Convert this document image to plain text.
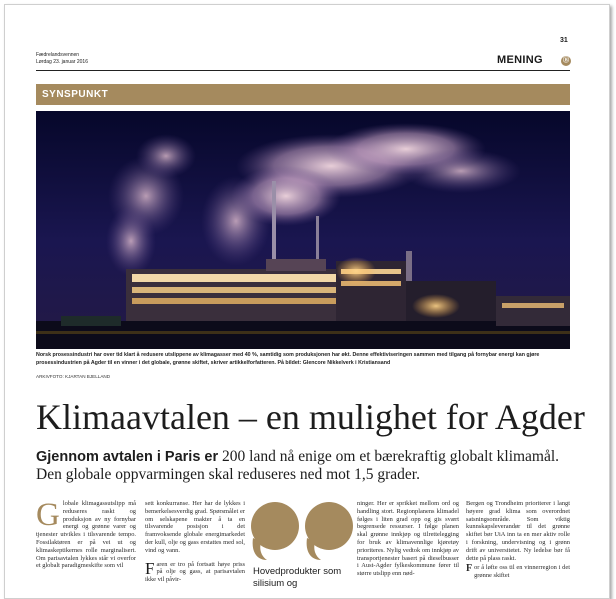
31
Fædrelandsvennen
Lørdag 23. januar 2016	MENING	Ⓑ
SYNSPUNKT
Norsk prosessindustri har over tid klart å redusere utslippene av klimagasser med 40 %, samtidig som produksjonen har økt. Denne effektiviseringen sammen med tilgang på fornybar energi kan gjøre prosessindustrien på Agder til en vinner i det globale, grønne skiftet, skriver artikkelforfatteren. På bildet: Glencore Nikkelverk i Kristiansand
ARKIVFOTO: KJARTAN BJELLAND
Klimaavtalen – en mulighet for Agder
Gjennom avtalen i Paris er 200 land nå enige om et bærekraftig globalt klimamål. Den globale oppvarmingen skal reduseres ned mot 1,5 grader.
Globale klimagassutslipp må reduseres raskt og produksjon av ny fornybar energi og grønne varer og tjenester utvikles i tilsvarende tempo. Fossilaktøren er på vei ut og klimaskeptikernes rolle marginalisert. Om parisavtalen lykkes står vi overfor et globalt paradigmeskifte som vil
sett konkurranse. Her har de lykkes i bemerkelsesverdig grad. Spørsmålet er om selskapene makter å ta en tilsvarende posisjon i det framvoksende globale energimarkedet der kull, olje og gass erstattes med sol, vind og vann.
Faren er tro på fortsatt høye priss på olje og gass, at parisavtalen ikke vil påvir-
Hovedprodukter som silisium og
ninger. Her er sprikket mellom ord og handling stort. Regionplanens klimadel følges i liten grad opp og gis svært begrensede ressurser. I følge planen skal grønne innkjøp og tilrettelegging for bruk av klimavennlige kjøretøy prioriteres. Nylig vedtok om innkjøp av transportjenester basert på dieselbusser i Aust-Agder fylkeskommune fører til større utslipp enn nød-
Bergen og Trondheim prioriterer i langt høyere grad klima som overordnet satsningsområde. Som viktig kunnskapsleverandør til det grønne skiftet bør UiA inn ta en mer aktiv rolle i forskning, undervisning og i grønn drift av universitetet. Ny ledelse bør få dette på plass raskt.
For å løfte oss til en vinnerregion i det grønne skiftet
